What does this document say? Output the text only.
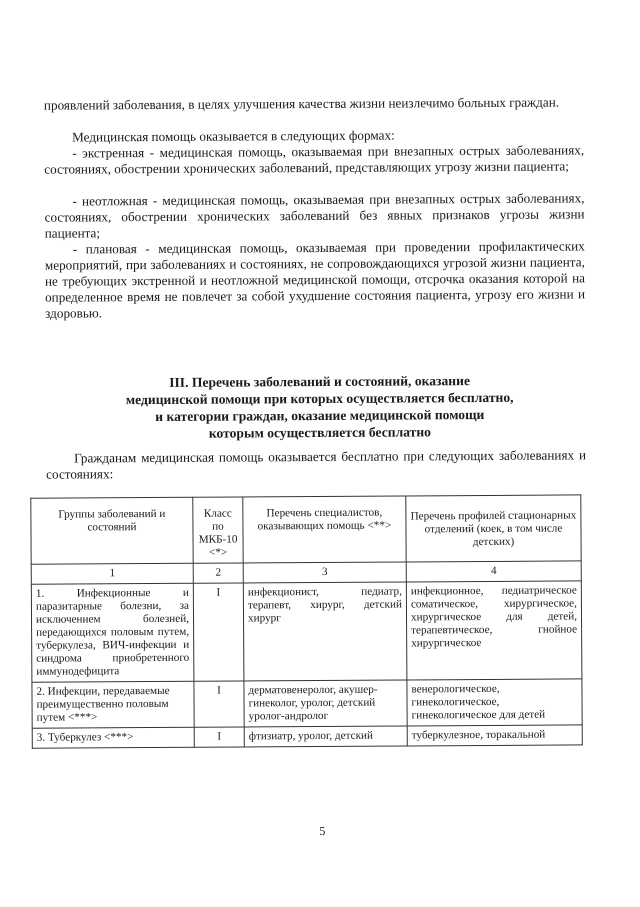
проявлений заболевания, в целях улучшения качества жизни неизлечимо больных граждан.

Медицинская помощь оказывается в следующих формах:

- экстренная - медицинская помощь, оказываемая при внезапных острых заболеваниях, состояниях, обострении хронических заболеваний, представляющих угрозу жизни пациента;

- неотложная - медицинская помощь, оказываемая при внезапных острых заболеваниях, состояниях, обострении хронических заболеваний без явных признаков угрозы жизни пациента;

- плановая - медицинская помощь, оказываемая при проведении профилактических мероприятий, при заболеваниях и состояниях, не сопровождающихся угрозой жизни пациента, не требующих экстренной и неотложной медицинской помощи, отсрочка оказания которой на определенное время не повлечет за собой ухудшение состояния пациента, угрозу его жизни и здоровью.

III. Перечень заболеваний и состояний, оказание
медицинской помощи при которых осуществляется бесплатно,
и категории граждан, оказание медицинской помощи
которым осуществляется бесплатно

Гражданам медицинская помощь оказывается бесплатно при следующих заболеваниях и состояниях:

Группы заболеваний и состояний	Класс по МКБ-10 <*>	Перечень специалистов, оказывающих помощь <**>	Перечень профилей стационарных отделений (коек, в том числе детских)
1	2	3	4
1. Инфекционные и паразитарные болезни, за исключением болезней, передающихся половым путем, туберкулеза, ВИЧ-инфекции и синдрома приобретенного иммунодефицита	I	инфекционист, педиатр, терапевт, хирург, детский хирург	инфекционное, педиатрическое соматическое, хирургическое, хирургическое для детей, терапевтическое, гнойное хирургическое
2. Инфекции, передаваемые преимущественно половым путем <***>	I	дерматовенеролог, акушер-гинеколог, уролог, детский уролог-андролог	венерологическое, гинекологическое, гинекологическое для детей
3. Туберкулез <***>	I	фтизиатр, уролог, детский	туберкулезное, торакальной
5
